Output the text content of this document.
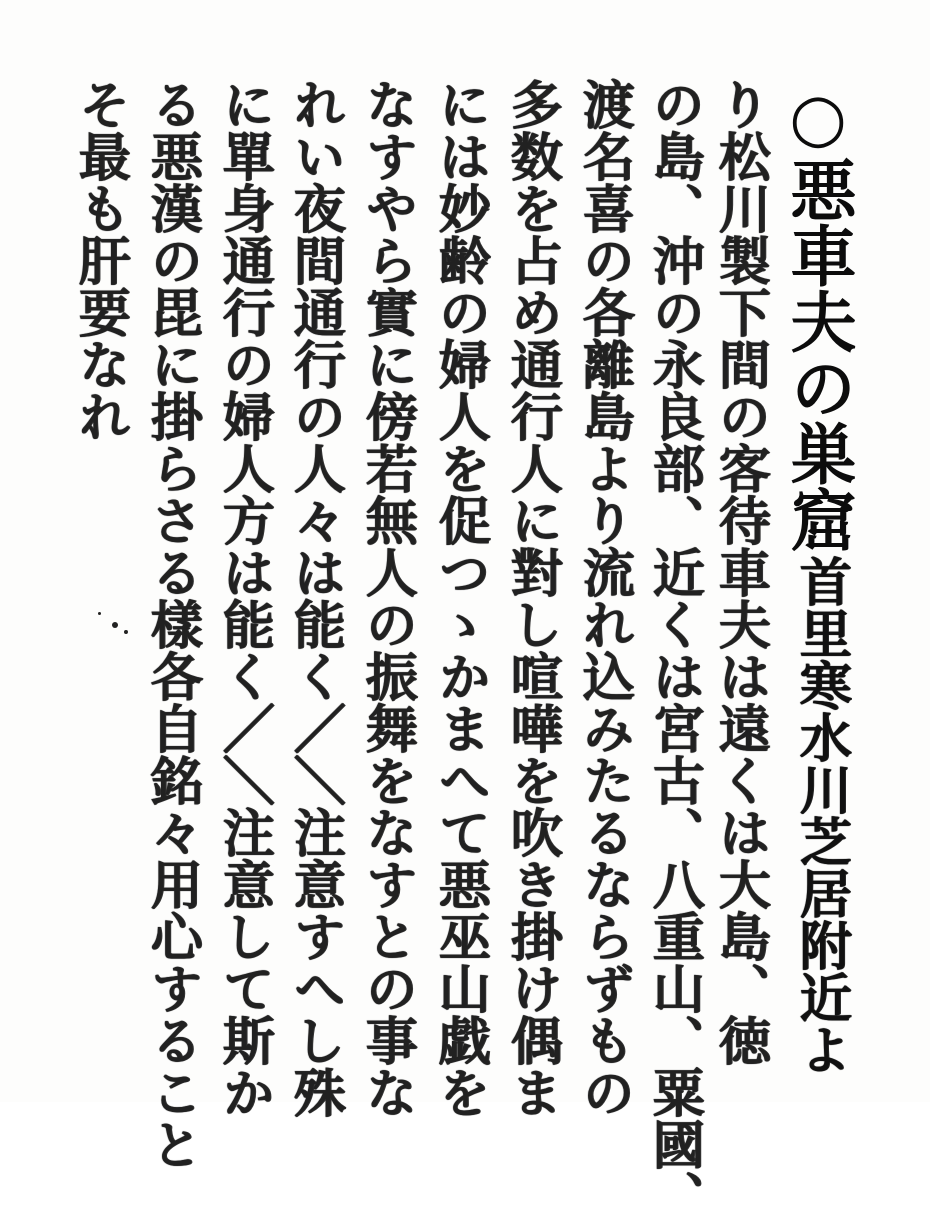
○悪車夫の巣窟
首里寒水川芝居附近よ
り松川製下間の客待車夫は遠くは大島、徳
の島、沖の永良部、近くは宮古、八重山、粟國、
渡名喜の各離島より流れ込みたるならずもの
多数を占め通行人に對し喧嘩を吹き掛け偶ま
には妙齢の婦人を促つゝかまへて悪巫山戯を
なすやら實に傍若無人の振舞をなすとの事な
れい夜間通行の人々は能く／＼注意すへし殊
に單身通行の婦人方は能く／＼注意して斯か
る悪漢の毘に掛らさる樣各自銘々用心すること
そ最も肝要なれ
